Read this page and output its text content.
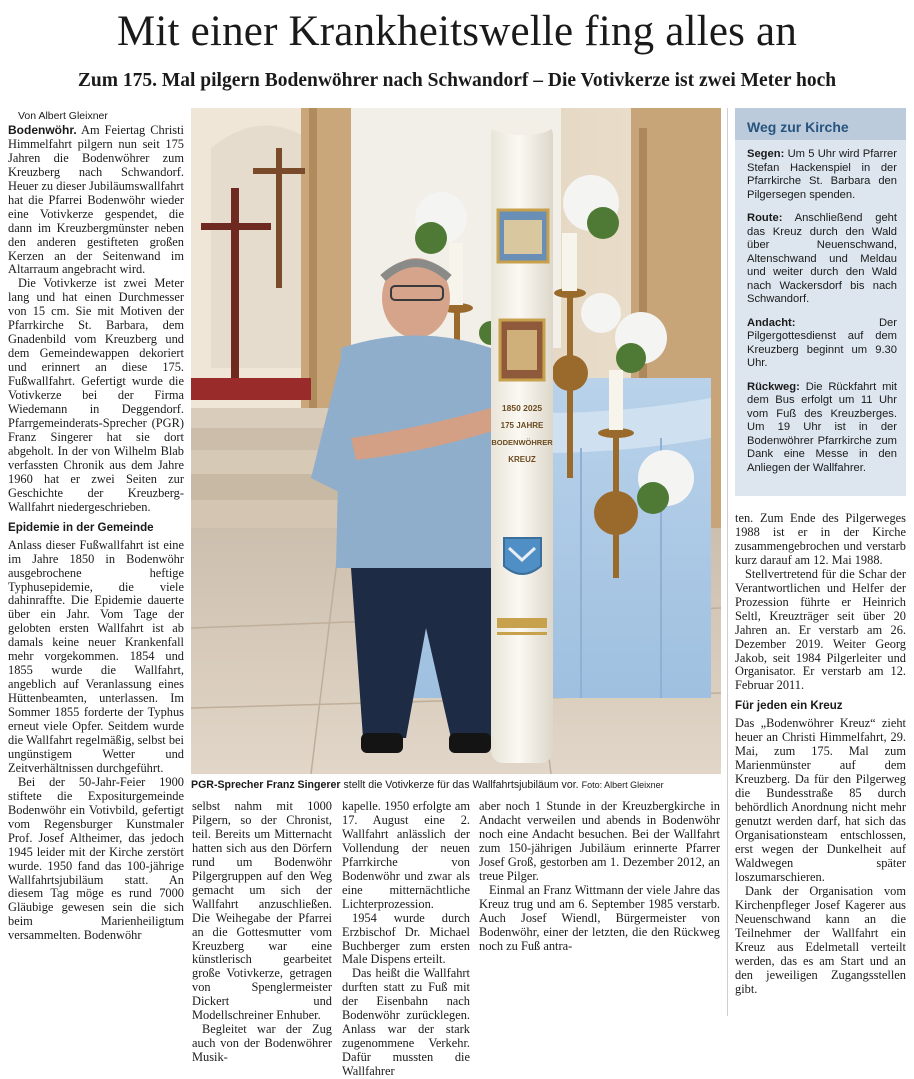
Mit einer Krankheitswelle fing alles an
Zum 175. Mal pilgern Bodenwöhrer nach Schwandorf – Die Votivkerze ist zwei Meter hoch

Von Albert Gleixner

Bodenwöhr. Am Feiertag Christi Himmelfahrt pilgern nun seit 175 Jahren die Bodenwöhrer zum Kreuzberg nach Schwandorf. Heuer zu dieser Jubiläumswallfahrt hat die Pfarrei Bodenwöhr wieder eine Votivkerze gespendet, die dann im Kreuzbergmünster neben den anderen gestifteten großen Kerzen an der Seitenwand im Altarraum angebracht wird.

Die Votivkerze ist zwei Meter lang und hat einen Durchmesser von 15 cm. Sie mit Motiven der Pfarrkirche St. Barbara, dem Gnadenbild vom Kreuzberg und dem Gemeindewappen dekoriert und erinnert an diese 175. Fußwallfahrt. Gefertigt wurde die Votivkerze bei der Firma Wiedemann in Deggendorf. Pfarrgemeinderats-Sprecher (PGR) Franz Singerer hat sie dort abgeholt. In der von Wilhelm Blab verfassten Chronik aus dem Jahre 1960 hat er zwei Seiten zur Geschichte der Kreuzberg-Wallfahrt niedergeschrieben.

Epidemie in der Gemeinde

Anlass dieser Fußwallfahrt ist eine im Jahre 1850 in Bodenwöhr ausgebrochene heftige Typhusepidemie, die viele dahinraffte. Die Epidemie dauerte über ein Jahr. Vom Tage der gelobten ersten Wallfahrt ist ab damals keine neuer Krankenfall mehr vorgekommen. 1854 und 1855 wurde die Wallfahrt, angeblich auf Veranlassung eines Hüttenbeamten, unterlassen. Im Sommer 1855 forderte der Typhus erneut viele Opfer. Seitdem wurde die Wallfahrt regelmäßig, selbst bei ungünstigem Wetter und Zeitverhältnissen durchgeführt.

Bei der 50-Jahr-Feier 1900 stiftete die Expositurgemeinde Bodenwöhr ein Votivbild, gefertigt vom Regensburger Kunstmaler Prof. Josef Altheimer, das jedoch 1945 leider mit der Kirche zerstört wurde. 1950 fand das 100-jährige Wallfahrtsjubiläum statt. An diesem Tag möge es rund 7000 Gläubige gewesen sein die sich beim Marienheiligtum versammelten. Bodenwöhr

1850 2025
175 JAHRE
BODENWÖHRER
KREUZ
PGR-Sprecher Franz Singerer stellt die Votivkerze für das Wallfahrtsjubiläum vor. Foto: Albert Gleixner
Weg zur Kirche

Segen: Um 5 Uhr wird Pfarrer Stefan Hackenspiel in der Pfarrkirche St. Barbara den Pilgersegen spenden.

Route: Anschließend geht das Kreuz durch den Wald über Neuenschwand, Altenschwand und Meldau und weiter durch den Wald nach Wackersdorf bis nach Schwandorf.

Andacht:	Der Pilgergottesdienst auf dem Kreuzberg beginnt um 9.30 Uhr.

Rückweg: Die Rückfahrt mit dem Bus erfolgt um 11 Uhr vom Fuß des Kreuzberges. Um 19 Uhr ist in der Bodenwöhrer Pfarrkirche zum Dank eine Messe in den Anliegen der Wallfahrer.

selbst nahm mit 1000 Pilgern, so der Chronist, teil. Bereits um Mitternacht hatten sich aus den Dörfern rund um Bodenwöhr Pilgergruppen auf den Weg gemacht um sich der Wallfahrt anzuschließen. Die Weihegabe der Pfarrei an die Gottesmutter vom Kreuzberg war eine künstlerisch gearbeitet große Votivkerze, getragen von Spenglermeister Dickert und Modellschreiner Enhuber.

Begleitet war der Zug auch von der Bodenwöhrer Musik-

kapelle. 1950 erfolgte am 17. August eine 2. Wallfahrt anlässlich der Vollendung der neuen Pfarrkirche von Bodenwöhr und zwar als eine mitternächtliche Lichterprozession.

1954 wurde durch Erzbischof Dr. Michael Buchberger zum ersten Male Dispens erteilt.

Das heißt die Wallfahrt durften statt zu Fuß mit der Eisenbahn nach Bodenwöhr zurücklegen. Anlass war der stark zugenommene Verkehr. Dafür mussten die Wallfahrer

aber noch 1 Stunde in der Kreuzbergkirche in Andacht verweilen und abends in Bodenwöhr noch eine Andacht besuchen. Bei der Wallfahrt zum 150-jährigen Jubiläum erinnerte Pfarrer Josef Groß, gestorben am 1. Dezember 2012, an treue Pilger.

Einmal an Franz Wittmann der viele Jahre das Kreuz trug und am 6. September 1985 verstarb. Auch Josef Wiendl, Bürgermeister von Bodenwöhr, einer der letzten, die den Rückweg noch zu Fuß antra-

ten. Zum Ende des Pilgerweges 1988 ist er in der Kirche zusammengebrochen und verstarb kurz darauf am 12. Mai 1988.

Stellvertretend für die Schar der Verantwortlichen und Helfer der Prozession führte er Heinrich Seltl, Kreuzträger seit über 20 Jahren an. Er verstarb am 26. Dezember 2019. Weiter Georg Jakob, seit 1984 Pilgerleiter und Organisator. Er verstarb am 12. Februar 2011.

Für jeden ein Kreuz

Das „Bodenwöhrer Kreuz“ zieht heuer an Christi Himmelfahrt, 29. Mai, zum 175. Mal zum Marienmünster auf dem Kreuzberg. Da für den Pilgerweg die Bundesstraße 85 durch behördlich Anordnung nicht mehr genutzt werden darf, hat sich das Organisationsteam entschlossen, erst wegen der Dunkelheit auf Waldwegen später loszumarschieren.

Dank der Organisation vom Kirchenpfleger Josef Kagerer aus Neuenschwand kann an die Teilnehmer der Wallfahrt ein Kreuz aus Edelmetall verteilt werden, das es am Start und an den jeweiligen Zugangsstellen gibt.
